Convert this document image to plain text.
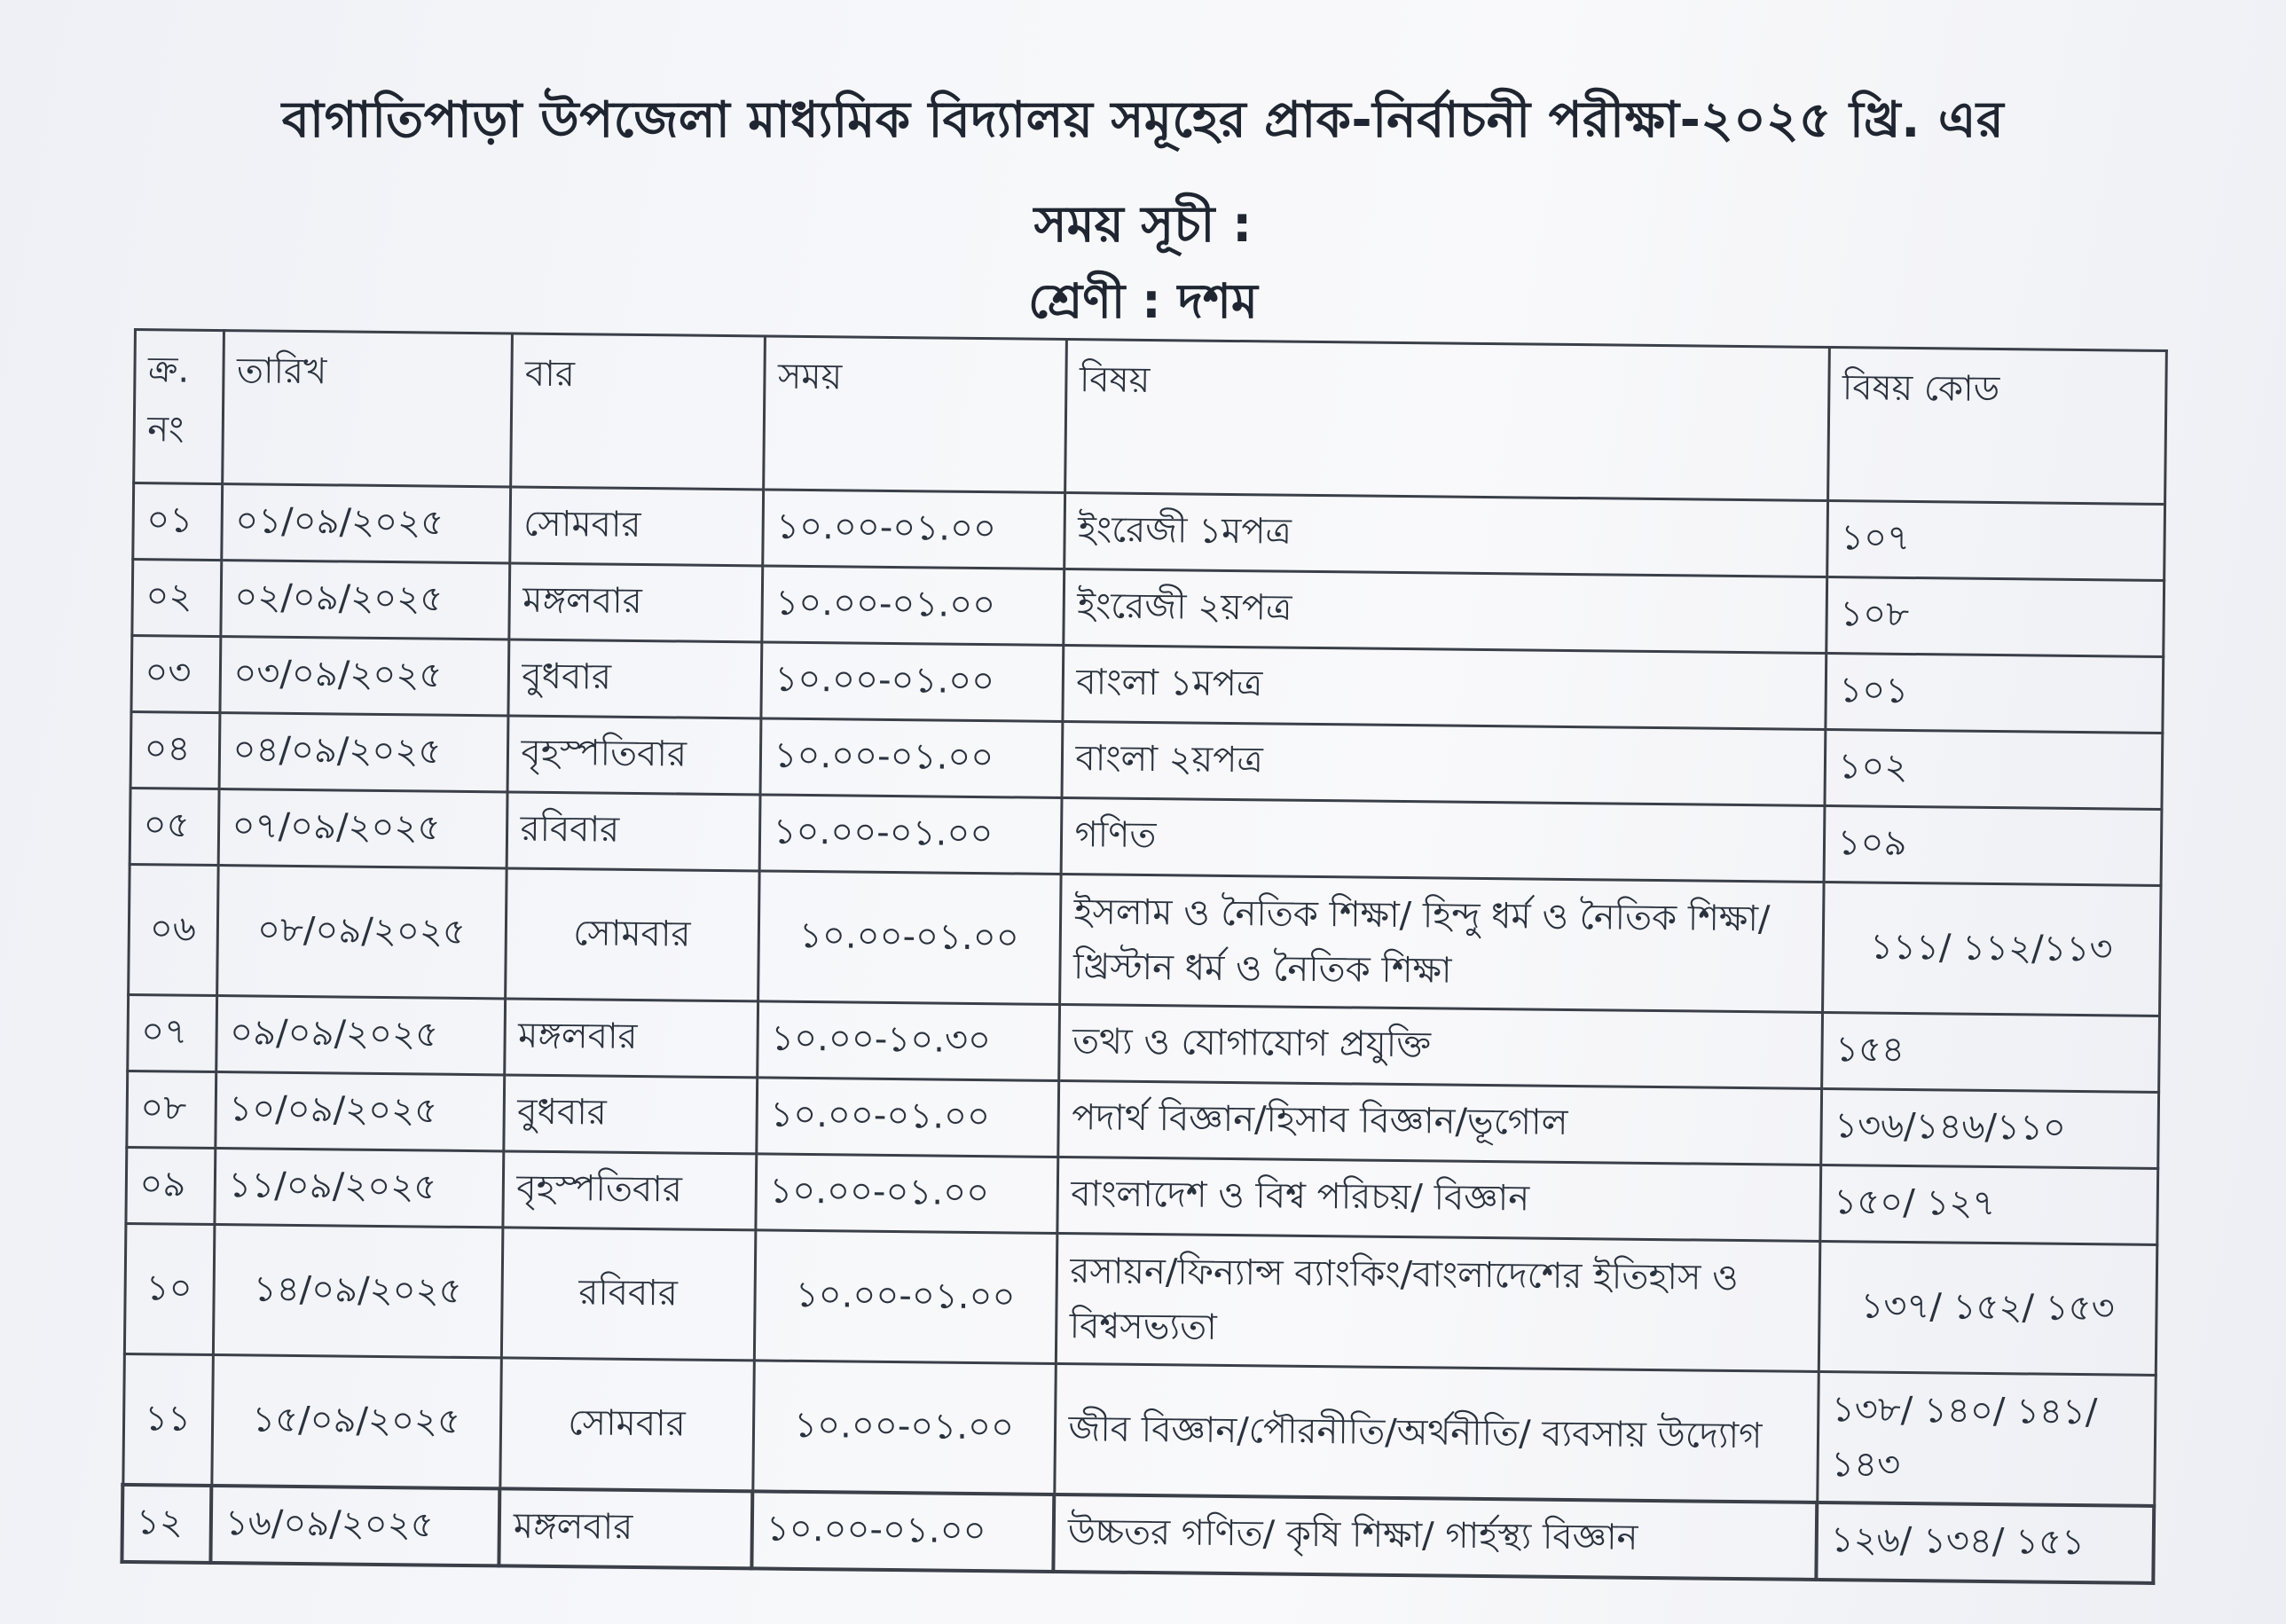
বাগাতিপাড়া উপজেলা মাধ্যমিক বিদ্যালয় সমূহের প্রাক-নির্বাচনী পরীক্ষা-২০২৫ খ্রি. এর
সময় সূচী :
শ্রেণী : দশম
ক্র. নং	তারিখ	বার	সময়	বিষয়	বিষয় কোড
০১	০১/০৯/২০২৫	সোমবার	১০.০০-০১.০০	ইংরেজী ১মপত্র	১০৭
০২	০২/০৯/২০২৫	মঙ্গলবার	১০.০০-০১.০০	ইংরেজী ২য়পত্র	১০৮
০৩	০৩/০৯/২০২৫	বুধবার	১০.০০-০১.০০	বাংলা ১মপত্র	১০১
০৪	০৪/০৯/২০২৫	বৃহস্পতিবার	১০.০০-০১.০০	বাংলা ২য়পত্র	১০২
০৫	০৭/০৯/২০২৫	রবিবার	১০.০০-০১.০০	গণিত	১০৯
০৬	০৮/০৯/২০২৫	সোমবার	১০.০০-০১.০০	ইসলাম ও নৈতিক শিক্ষা/ হিন্দু ধর্ম ও নৈতিক শিক্ষা/ খ্রিস্টান ধর্ম ও নৈতিক শিক্ষা	১১১/ ১১২/১১৩
০৭	০৯/০৯/২০২৫	মঙ্গলবার	১০.০০-১০.৩০	তথ্য ও যোগাযোগ প্রযুক্তি	১৫৪
০৮	১০/০৯/২০২৫	বুধবার	১০.০০-০১.০০	পদার্থ বিজ্ঞান/হিসাব বিজ্ঞান/ভূগোল	১৩৬/১৪৬/১১০
০৯	১১/০৯/২০২৫	বৃহস্পতিবার	১০.০০-০১.০০	বাংলাদেশ ও বিশ্ব পরিচয়/ বিজ্ঞান	১৫০/ ১২৭
১০	১৪/০৯/২০২৫	রবিবার	১০.০০-০১.০০	রসায়ন/ফিন্যান্স ব্যাংকিং/বাংলাদেশের ইতিহাস ও বিশ্বসভ্যতা	১৩৭/ ১৫২/ ১৫৩
১১	১৫/০৯/২০২৫	সোমবার	১০.০০-০১.০০	জীব বিজ্ঞান/পৌরনীতি/অর্থনীতি/ ব্যবসায় উদ্যোগ	১৩৮/ ১৪০/ ১৪১/ ১৪৩
১২	১৬/০৯/২০২৫	মঙ্গলবার	১০.০০-০১.০০	উচ্চতর গণিত/ কৃষি শিক্ষা/ গার্হস্থ্য বিজ্ঞান	১২৬/ ১৩৪/ ১৫১
